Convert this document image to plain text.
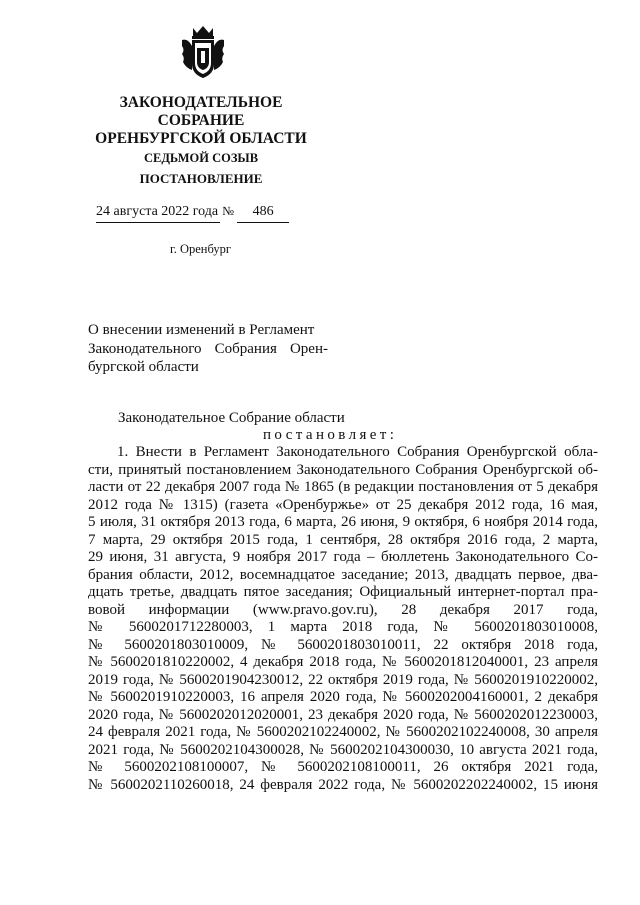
ЗАКОНОДАТЕЛЬНОЕ
СОБРАНИЕ
ОРЕНБУРГСКОЙ ОБЛАСТИ
СЕДЬМОЙ СОЗЫВ
ПОСТАНОВЛЕНИЕ
24 августа 2022 года № 486
г. Оренбург
О внесении изменений в Регламент
Законодательного Собрания Орен-
бургской области
Законодательное Собрание области
постановляет:
1. Внести в Регламент Законодательного Собрания Оренбургской обла-
сти, принятый постановлением Законодательного Собрания Оренбургской об-
ласти от 22 декабря 2007 года № 1865 (в редакции постановления от 5 декабря
2012 года № 1315) (газета «Оренбуржье» от 25 декабря 2012 года, 16 мая,
5 июля, 31 октября 2013 года, 6 марта, 26 июня, 9 октября, 6 ноября 2014 года,
7 марта, 29 октября 2015 года, 1 сентября, 28 октября 2016 года, 2 марта,
29 июня, 31 августа, 9 ноября 2017 года – бюллетень Законодательного Со-
брания области, 2012, восемнадцатое заседание; 2013, двадцать первое, два-
дцать третье, двадцать пятое заседания; Официальный интернет-портал пра-
вовой информации (www.pravo.gov.ru), 28 декабря 2017 года,
№ 5600201712280003, 1 марта 2018 года, № 5600201803010008,
№ 5600201803010009, № 5600201803010011, 22 октября 2018 года,
№ 5600201810220002, 4 декабря 2018 года, № 5600201812040001, 23 апреля
2019 года, № 5600201904230012, 22 октября 2019 года, № 5600201910220002,
№ 5600201910220003, 16 апреля 2020 года, № 5600202004160001, 2 декабря
2020 года, № 5600202012020001, 23 декабря 2020 года, № 5600202012230003,
24 февраля 2021 года, № 5600202102240002, № 5600202102240008, 30 апреля
2021 года, № 5600202104300028, № 5600202104300030, 10 августа 2021 года,
№ 5600202108100007, № 5600202108100011, 26 октября 2021 года,
№ 5600202110260018, 24 февраля 2022 года, № 5600202202240002, 15 июня
